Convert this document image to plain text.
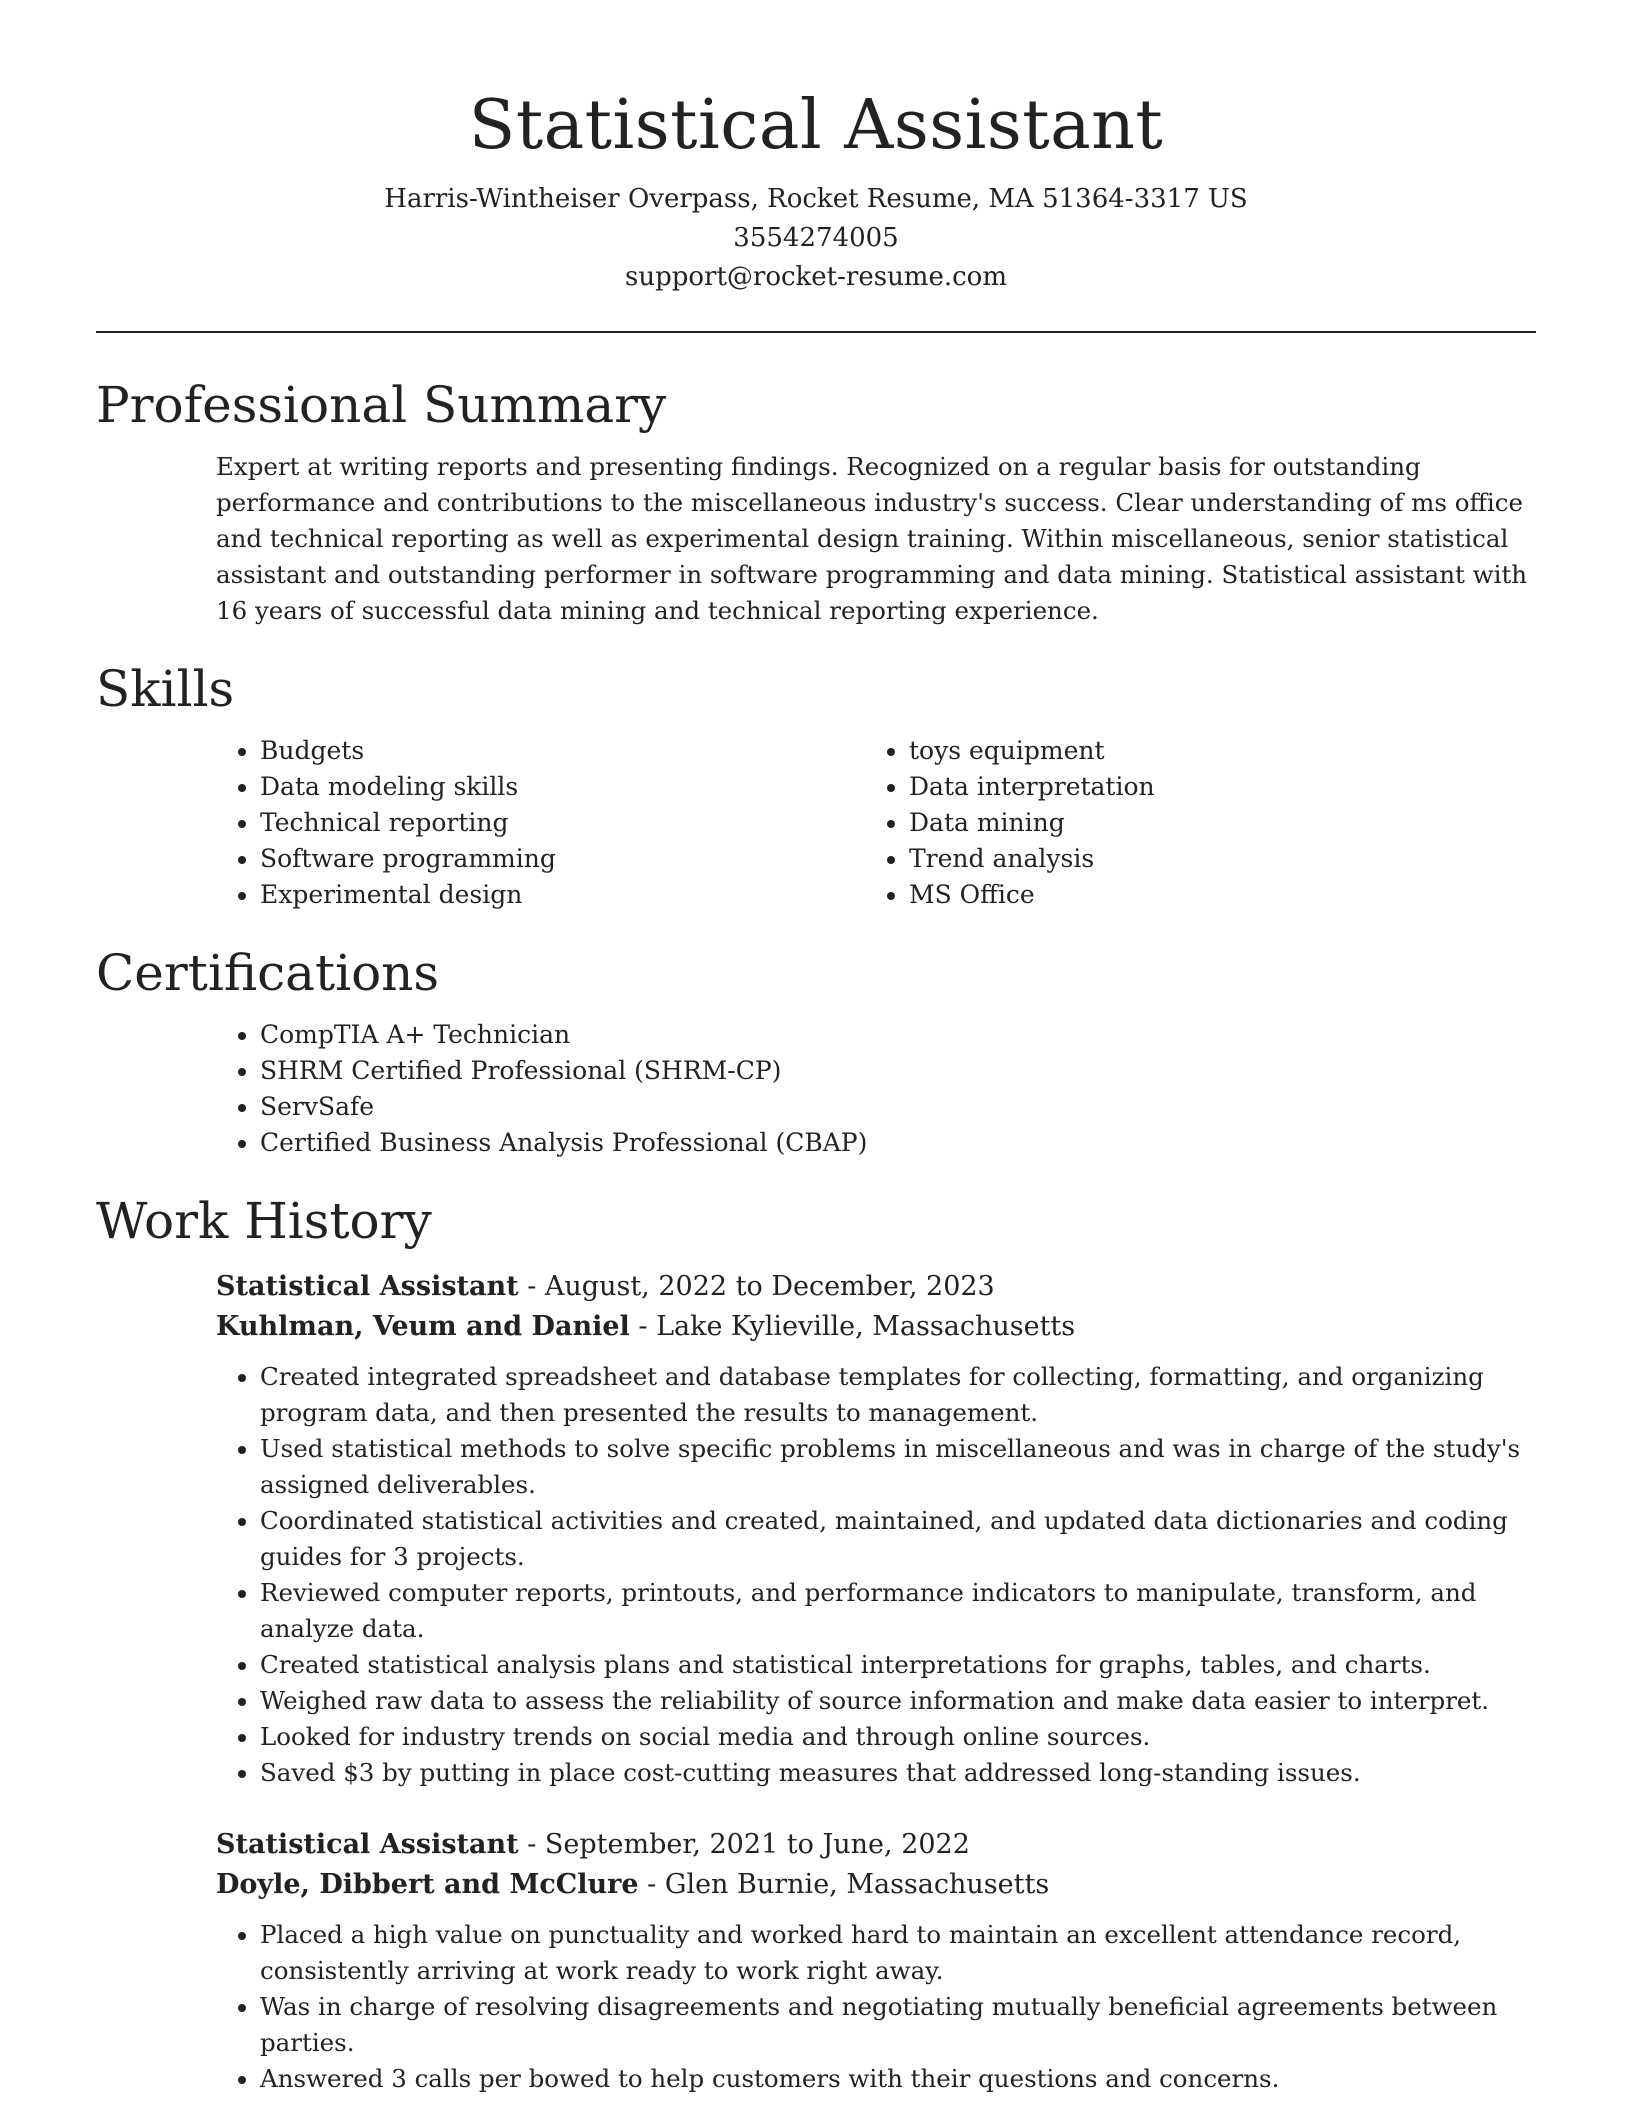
Statistical Assistant
Harris-Wintheiser Overpass, Rocket Resume, MA 51364-3317 US
3554274005
support@rocket-resume.com
Professional Summary

Expert at writing reports and presenting findings. Recognized on a regular basis for outstanding performance and contributions to the miscellaneous industry's success. Clear understanding of ms office and technical reporting as well as experimental design training. Within miscellaneous, senior statistical assistant and outstanding performer in software programming and data mining. Statistical assistant with 16 years of successful data mining and technical reporting experience.

Skills
• Budgets
• Data modeling skills
• Technical reporting
• Software programming
• Experimental design
• toys equipment
• Data interpretation
• Data mining
• Trend analysis
• MS Office
Certifications
• CompTIA A+ Technician
• SHRM Certified Professional (SHRM-CP)
• ServSafe
• Certified Business Analysis Professional (CBAP)
Work History
Statistical Assistant - August, 2022 to December, 2023
Kuhlman, Veum and Daniel - Lake Kylieville, Massachusetts
• Created integrated spreadsheet and database templates for collecting, formatting, and organizing program data, and then presented the results to management.
• Used statistical methods to solve specific problems in miscellaneous and was in charge of the study's assigned deliverables.
• Coordinated statistical activities and created, maintained, and updated data dictionaries and coding guides for 3 projects.
• Reviewed computer reports, printouts, and performance indicators to manipulate, transform, and analyze data.
• Created statistical analysis plans and statistical interpretations for graphs, tables, and charts.
• Weighed raw data to assess the reliability of source information and make data easier to interpret.
• Looked for industry trends on social media and through online sources.
• Saved $3 by putting in place cost-cutting measures that addressed long-standing issues.
Statistical Assistant - September, 2021 to June, 2022
Doyle, Dibbert and McClure - Glen Burnie, Massachusetts
• Placed a high value on punctuality and worked hard to maintain an excellent attendance record, consistently arriving at work ready to work right away.
• Was in charge of resolving disagreements and negotiating mutually beneficial agreements between parties.
• Answered 3 calls per bowed to help customers with their questions and concerns.
